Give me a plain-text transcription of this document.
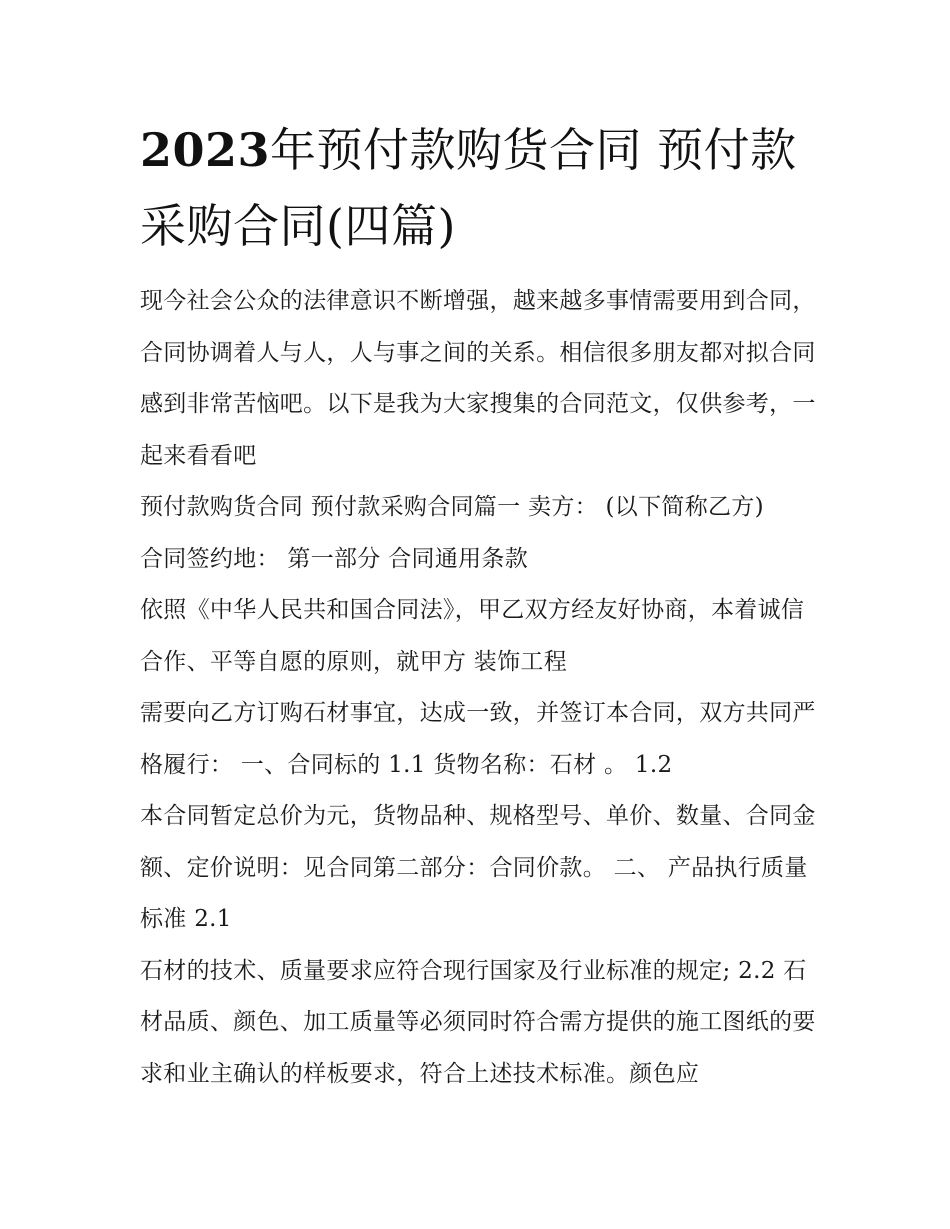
2023年预付款购货合同 预付款采购合同(四篇)

现今社会公众的法律意识不断增强，越来越多事情需要用到合同，合同协调着人与人，人与事之间的关系。相信很多朋友都对拟合同感到非常苦恼吧。以下是我为大家搜集的合同范文，仅供参考，一起来看看吧

预付款购货合同 预付款采购合同篇一 卖方： (以下简称乙方)

合同签约地： 第一部分 合同通用条款

依照《中华人民共和国合同法》，甲乙双方经友好协商，本着诚信合作、平等自愿的原则，就甲方 装饰工程

需要向乙方订购石材事宜，达成一致，并签订本合同，双方共同严格履行： 一、合同标的 1.1 货物名称：石材 。 1.2

本合同暂定总价为元，货物品种、规格型号、单价、数量、合同金额、定价说明：见合同第二部分：合同价款。 二、 产品执行质量标准 2.1

石材的技术、质量要求应符合现行国家及行业标准的规定; 2.2 石材品质、颜色、加工质量等必须同时符合需方提供的施工图纸的要求和业主确认的样板要求，符合上述技术标准。颜色应
